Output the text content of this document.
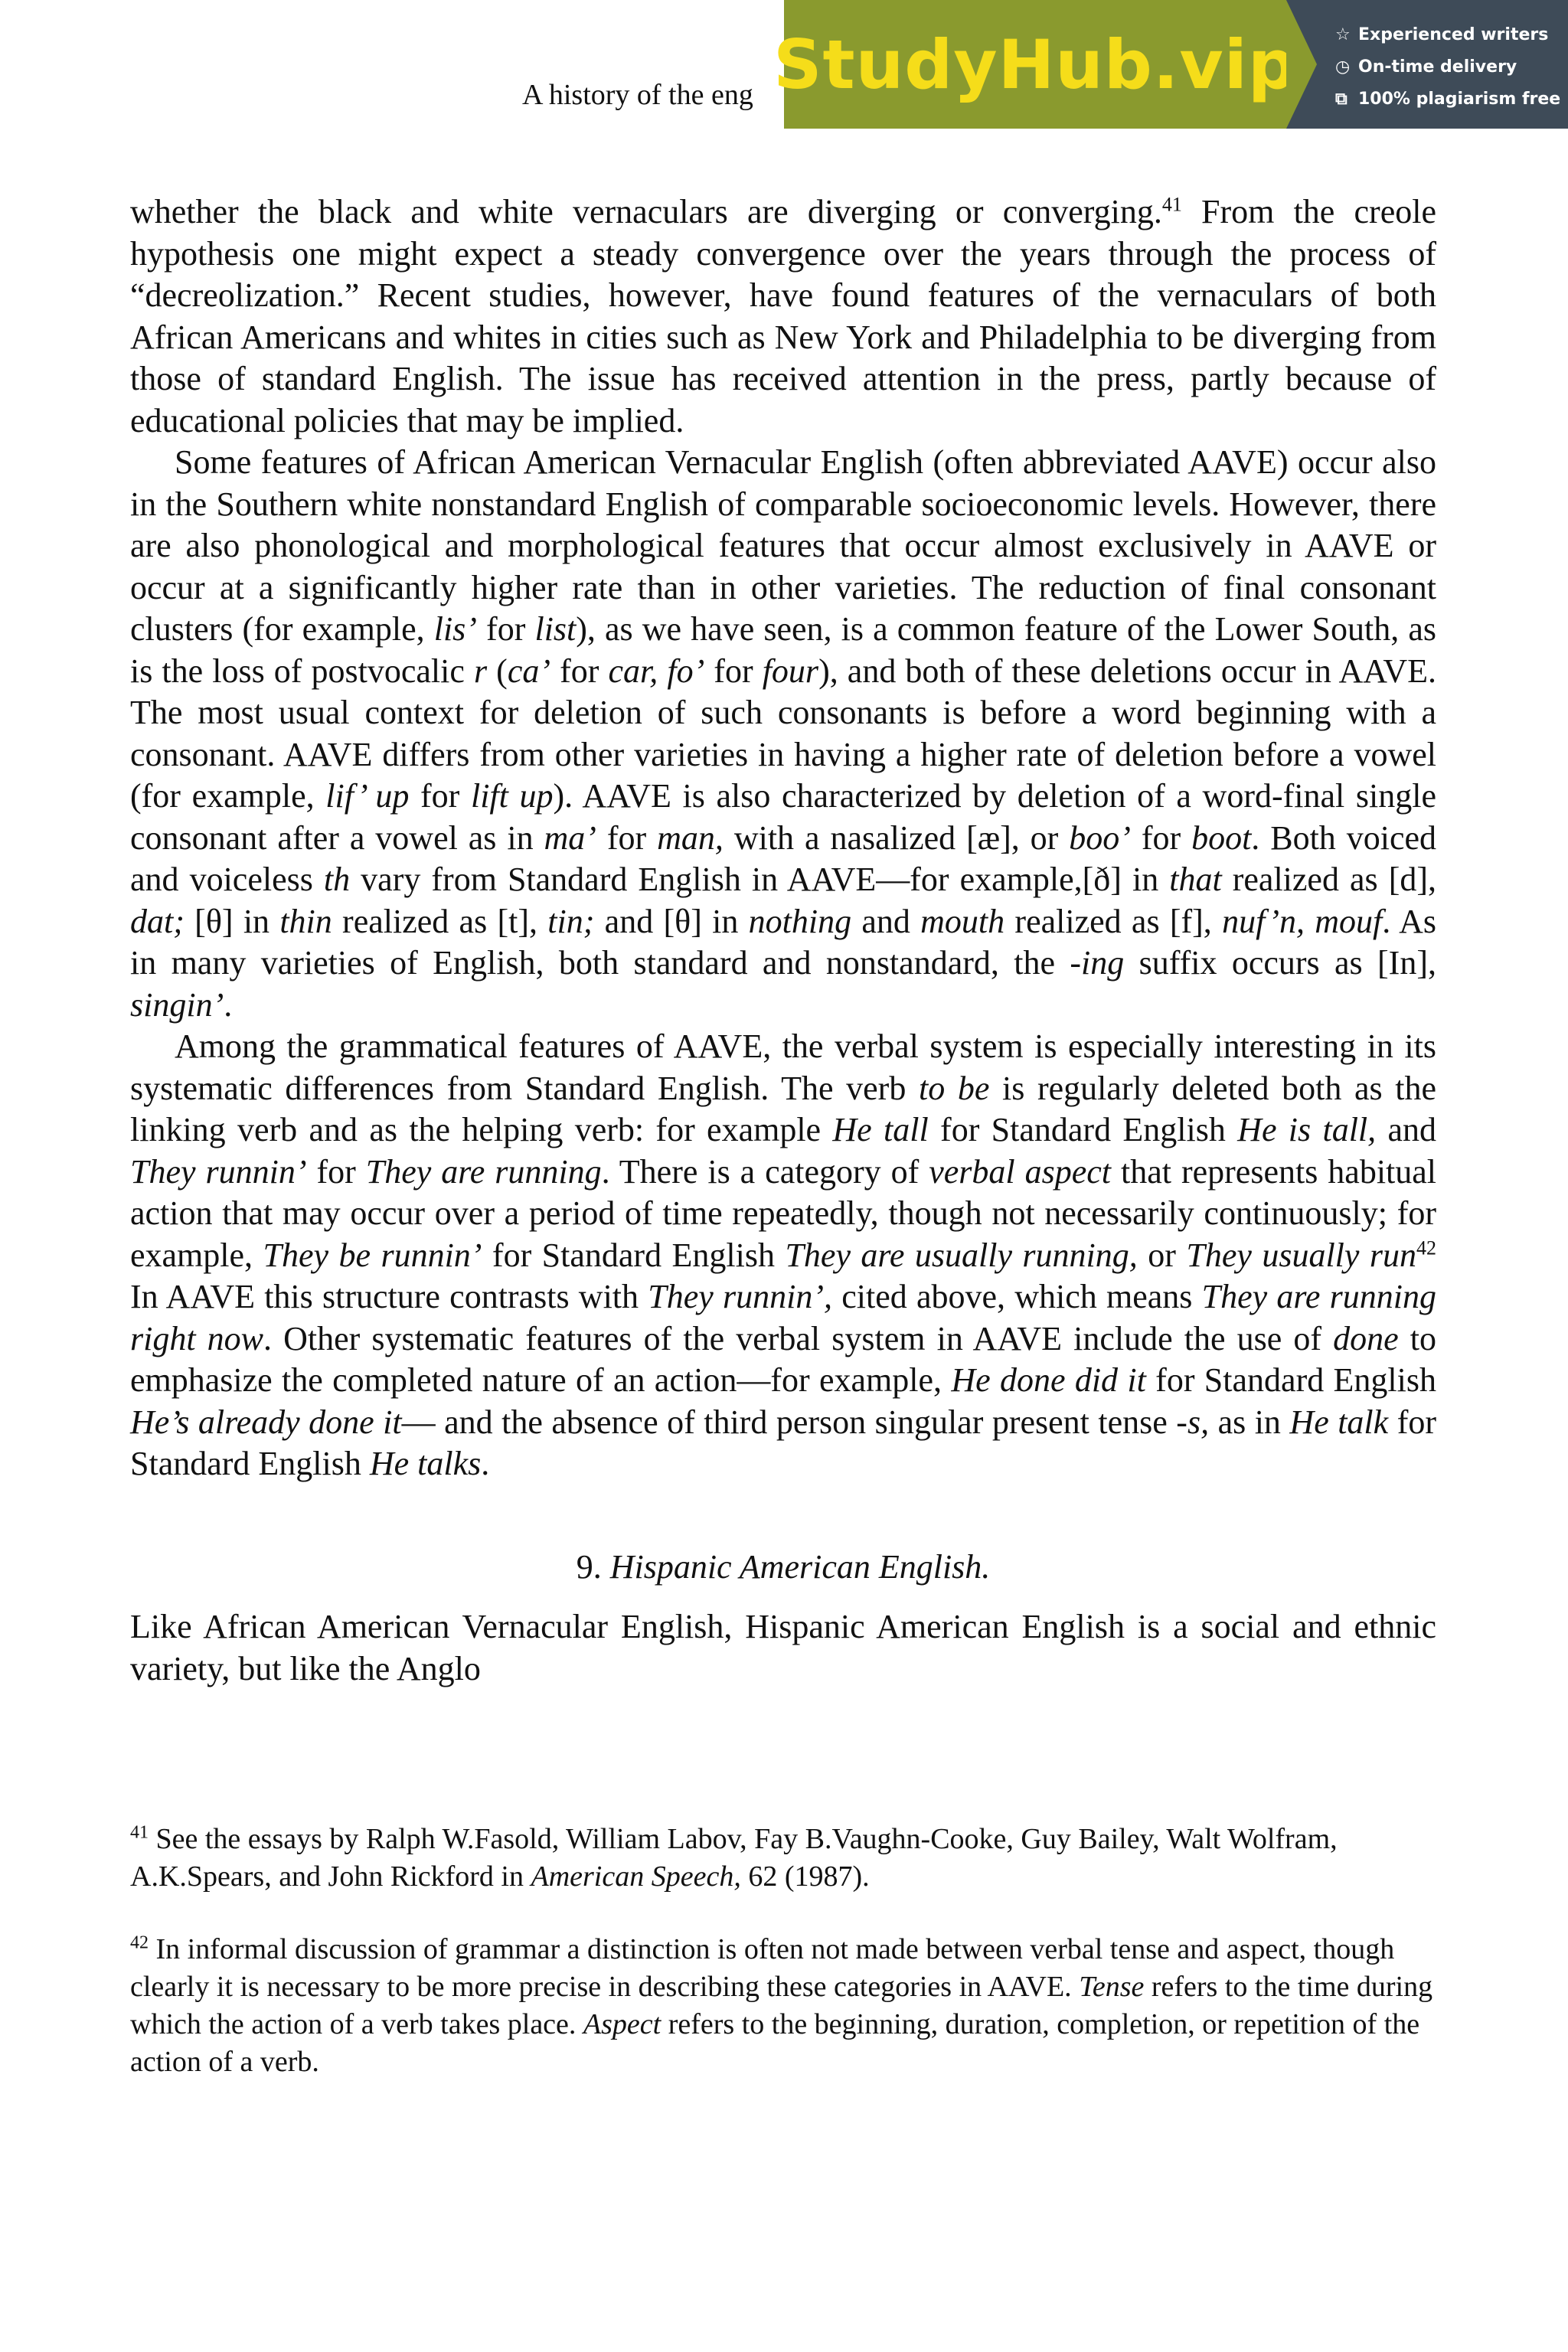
A history of the eng StudyHub.vip ☆ Experienced writers
◷ On-time delivery
⧉ 100% plagiarism free

whether the black and white vernaculars are diverging or converging.$^{41}$ From the creole hypothesis one might expect a steady convergence over the years through the process of “decreolization.” Recent studies, however, have found features of the vernaculars of both African Americans and whites in cities such as New York and Philadelphia to be diverging from those of standard English. The issue has received attention in the press, partly because of educational policies that may be implied.

Some features of African American Vernacular English (often abbreviated AAVE) occur also in the Southern white nonstandard English of comparable socioeconomic levels. However, there are also phonological and morphological features that occur almost exclusively in AAVE or occur at a significantly higher rate than in other varieties. The reduction of final consonant clusters (for example, lis’ for list), as we have seen, is a common feature of the Lower South, as is the loss of postvocalic r (ca’ for car, fo’ for four), and both of these deletions occur in AAVE. The most usual context for deletion of such consonants is before a word beginning with a consonant. AAVE differs from other varieties in having a higher rate of deletion before a vowel (for example, lif’ up for lift up). AAVE is also characterized by deletion of a word-final single consonant after a vowel as in ma’ for man, with a nasalized [æ], or boo’ for boot. Both voiced and voiceless th vary from Standard English in AAVE—for example,[ð] in that realized as [d], dat; [θ] in thin realized as [t], tin; and [θ] in nothing and mouth realized as [f], nuf’n, mouf. As in many varieties of English, both standard and nonstandard, the -ing suffix occurs as [In], singin’.

Among the grammatical features of AAVE, the verbal system is especially interesting in its systematic differences from Standard English. The verb to be is regularly deleted both as the linking verb and as the helping verb: for example He tall for Standard English He is tall, and They runnin’ for They are running. There is a category of verbal aspect that represents habitual action that may occur over a period of time repeatedly, though not necessarily continuously; for example, They be runnin’ for Standard English They are usually running, or They usually run$^{42}$ In AAVE this structure contrasts with They runnin’, cited above, which means They are running right now. Other systematic features of the verbal system in AAVE include the use of done to emphasize the completed nature of an action—for example, He done did it for Standard English He’s already done it— and the absence of third person singular present tense -s, as in He talk for Standard English He talks.

9. Hispanic American English.

Like African American Vernacular English, Hispanic American English is a social and ethnic variety, but like the Anglo

$^{41}$ See the essays by Ralph W.Fasold, William Labov, Fay B.Vaughn-Cooke, Guy Bailey, Walt Wolfram, A.K.Spears, and John Rickford in American Speech, 62 (1987).

$^{42}$ In informal discussion of grammar a distinction is often not made between verbal tense and aspect, though clearly it is necessary to be more precise in describing these categories in AAVE. Tense refers to the time during which the action of a verb takes place. Aspect refers to the beginning, duration, completion, or repetition of the action of a verb.
